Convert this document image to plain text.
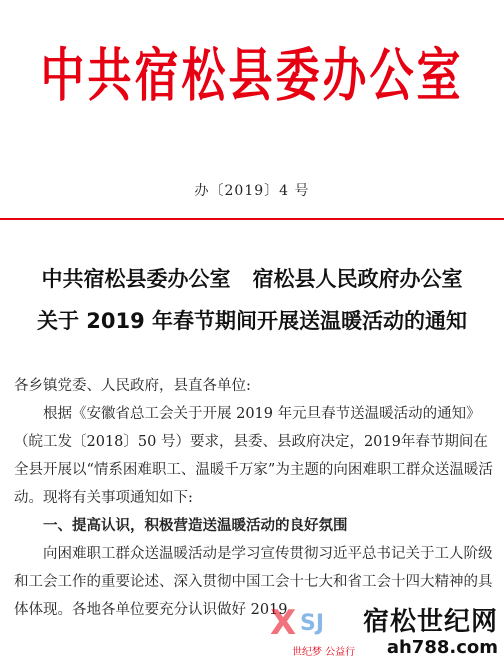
中共宿松县委办公室
办〔2019〕4 号
中共宿松县委办公室 宿松县人民政府办公室
关于 2019 年春节期间开展送温暖活动的通知

各乡镇党委、人民政府，县直各单位:

根据《安徽省总工会关于开展 2019 年元旦春节送温暖活动的通知》（皖工发〔2018〕50 号）要求，县委、县政府决定，2019年春节期间在全县开展以“情系困难职工、温暖千万家”为主题的向困难职工群众送温暖活动。现将有关事项通知如下:

一、提高认识，积极营造送温暖活动的良好氛围

向困难职工群众送温暖活动是学习宣传贯彻习近平总书记关于工人阶级和工会工作的重要论述、深入贯彻中国工会十七大和省工会十四大精神的具体体现。各地各单位要充分认识做好 2019

X SJ 宿松世纪网
世纪梦 公益行 ah788.com
